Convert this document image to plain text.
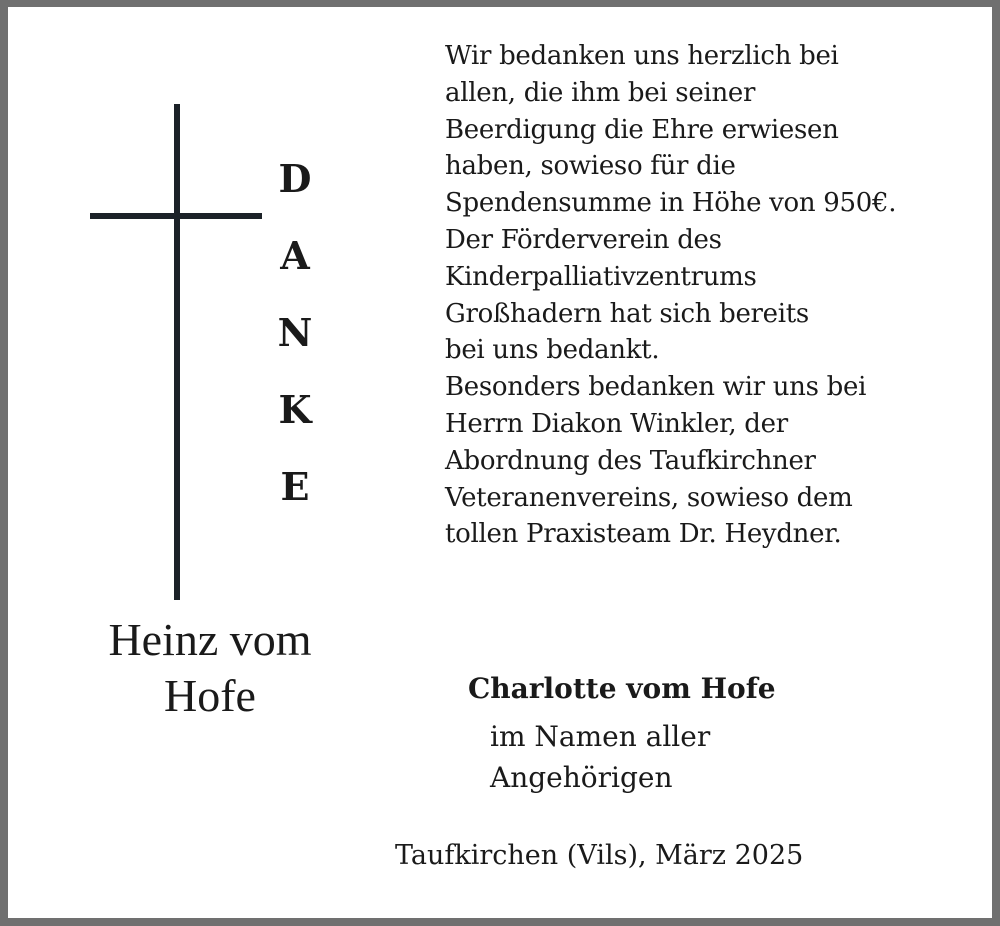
D
A
N
K
E
Heinz vom
Hofe
Wir bedanken uns herzlich bei
allen, die ihm bei seiner
Beerdigung die Ehre erwiesen
haben, sowieso für die
Spendensumme in Höhe von 950€.
Der Förderverein des
Kinderpalliativzentrums
Großhadern hat sich bereits
bei uns bedankt.
Besonders bedanken wir uns bei
Herrn Diakon Winkler, der
Abordnung des Taufkirchner
Veteranenvereins, sowieso dem
tollen Praxisteam Dr. Heydner.
Charlotte vom Hofe
im Namen aller
Angehörigen
Taufkirchen (Vils), März 2025
